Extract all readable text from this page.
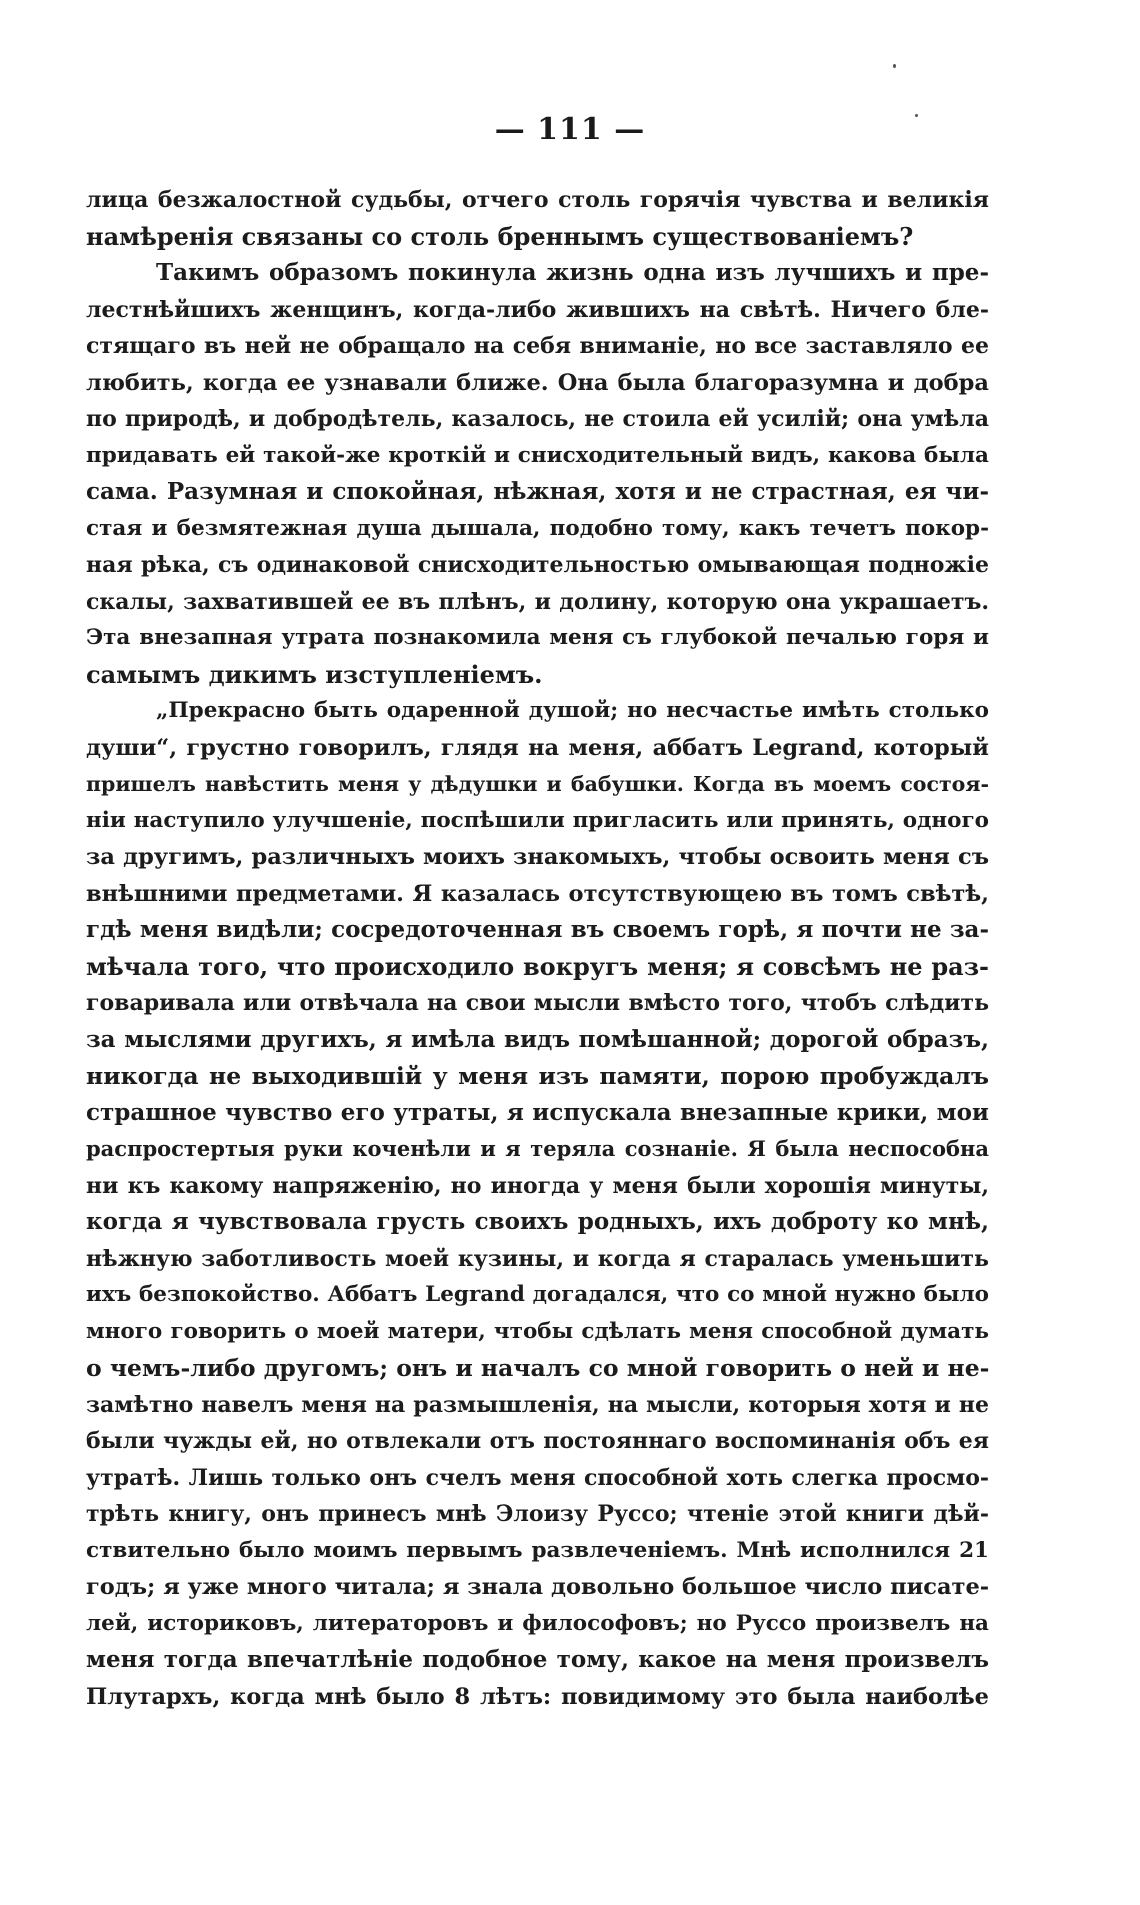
— 111 —
лица безжалостной судьбы, отчего столь горячія чувства и великія
намѣренія связаны со столь бреннымъ существованіемъ?
Такимъ образомъ покинула жизнь одна изъ лучшихъ и пре-
лестнѣйшихъ женщинъ, когда-либо жившихъ на свѣтѣ. Ничего бле-
стящаго въ ней не обращало на себя вниманіе, но все заставляло ее
любить, когда ее узнавали ближе. Она была благоразумна и добра
по природѣ, и добродѣтель, казалось, не стоила ей усилій; она умѣла
придавать ей такой-же кроткій и снисходительный видъ, какова была
сама. Разумная и спокойная, нѣжная, хотя и не страстная, ея чи-
стая и безмятежная душа дышала, подобно тому, какъ течетъ покор-
ная рѣка, съ одинаковой снисходительностью омывающая подножіе
скалы, захватившей ее въ плѣнъ, и долину, которую она украшаетъ.
Эта внезапная утрата познакомила меня съ глубокой печалью горя и
самымъ дикимъ изступленіемъ.
„Прекрасно быть одаренной душой; но несчастье имѣть столько
души“, грустно говорилъ, глядя на меня, аббатъ Legrand, который
пришелъ навѣстить меня у дѣдушки и бабушки. Когда въ моемъ состоя-
ніи наступило улучшеніе, поспѣшили пригласить или принять, одного
за другимъ, различныхъ моихъ знакомыхъ, чтобы освоить меня съ
внѣшними предметами. Я казалась отсутствующею въ томъ свѣтѣ,
гдѣ меня видѣли; сосредоточенная въ своемъ горѣ, я почти не за-
мѣчала того, что происходило вокругъ меня; я совсѣмъ не раз-
говаривала или отвѣчала на свои мысли вмѣсто того, чтобъ слѣдить
за мыслями другихъ, я имѣла видъ помѣшанной; дорогой образъ,
никогда не выходившій у меня изъ памяти, порою пробуждалъ
страшное чувство его утраты, я испускала внезапные крики, мои
распростертыя руки коченѣли и я теряла сознаніе. Я была неспособна
ни къ какому напряженію, но иногда у меня были хорошія минуты,
когда я чувствовала грусть своихъ родныхъ, ихъ доброту ко мнѣ,
нѣжную заботливость моей кузины, и когда я старалась уменьшить
ихъ безпокойство. Аббатъ Legrand догадался, что со мной нужно было
много говорить о моей матери, чтобы сдѣлать меня способной думать
о чемъ-либо другомъ; онъ и началъ со мной говорить о ней и не-
замѣтно навелъ меня на размышленія, на мысли, которыя хотя и не
были чужды ей, но отвлекали отъ постояннаго воспоминанія объ ея
утратѣ. Лишь только онъ счелъ меня способной хоть слегка просмо-
трѣть книгу, онъ принесъ мнѣ Элоизу Руссо; чтеніе этой книги дѣй-
ствительно было моимъ первымъ развлеченіемъ. Мнѣ исполнился 21
годъ; я уже много читала; я знала довольно большое число писате-
лей, историковъ, литераторовъ и философовъ; но Руссо произвелъ на
меня тогда впечатлѣніе подобное тому, какое на меня произвелъ
Плутархъ, когда мнѣ было 8 лѣтъ: повидимому это была наиболѣе
